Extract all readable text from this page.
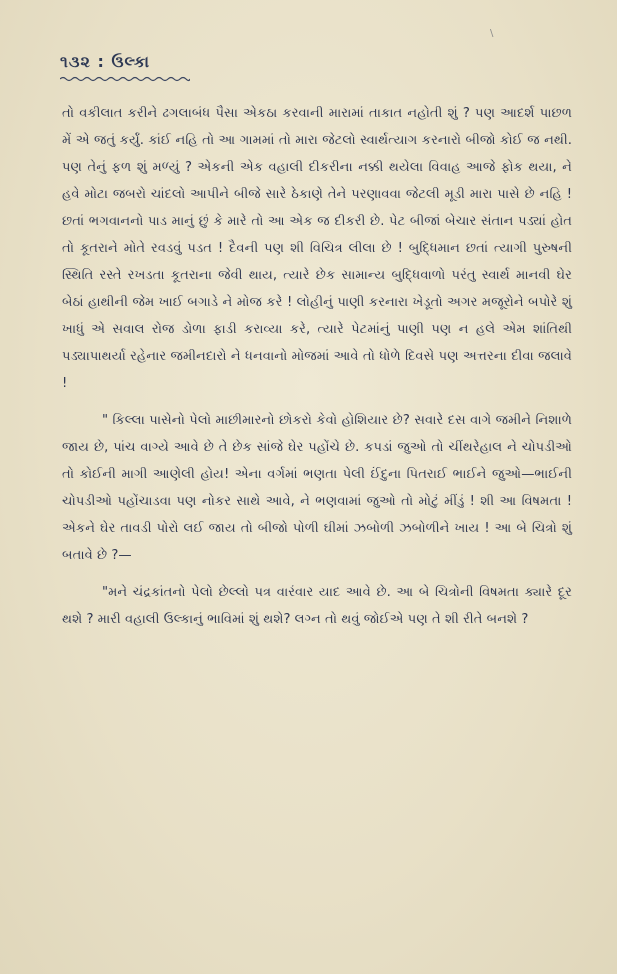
\
૧૩૨ : ઉલ્કા

તો વકીલાત કરીને ઢગલાબંધ પૈસા એકઠા કરવાની મારામાં તાકાત નહોતી શું ? પણ આદર્શ પાછળ મેં એ જતું કર્યું. કાંઈ નહિ તો આ ગામમાં તો મારા જેટલો સ્વાર્થત્યાગ કરનારો બીજો કોઈ જ નથી. પણ તેનું ફળ શું મળ્યું ? એકની એક વહાલી દીકરીના નક્કી થયેલા વિવાહ આજે ફોક થયા, ને હવે મોટા જબરો ચાંદલો આપીને બીજે સારે ઠેકાણે તેને પરણાવવા જેટલી મૂડી મારા પાસે છે નહિ ! છતાં ભગવાનનો પાડ માનું છું કે મારે તો આ એક જ દીકરી છે. પેટ બીજાં બેચાર સંતાન પડ્યાં હોત તો કૂતરાને મોતે રવડવું પડત ! દૈવની પણ શી વિચિત્ર લીલા છે ! બુદ્ધિમાન છતાં ત્યાગી પુરુષની સ્થિતિ રસ્તે રખડતા કૂતરાના જેવી થાય, ત્યારે છેક સામાન્ય બુદ્ધિવાળો પરંતુ સ્વાર્થ માનવી ઘેર બેઠાં હાથીની જેમ ખાઈ બગાડે ને મોજ કરે ! લોહીનું પાણી કરનારા ખેડૂતો અગર મજૂરોને બપોરે શું ખાધું એ સવાલ રોજ ડોળા ફાડી કરાવ્યા કરે, ત્યારે પેટમાંનું પાણી પણ ન હલે એમ શાંતિથી પડ્યાપાથર્યા રહેનાર જમીનદારો ને ધનવાનો મોજમાં આવે તો ધોળે દિવસે પણ અત્તરના દીવા જલાવે !

" કિલ્લા પાસેનો પેલો માછીમારનો છોકરો કેવો હોશિયાર છે? સવારે દસ વાગે જમીને નિશાળે જાય છે, પાંચ વાગ્યે આવે છે તે છેક સાંજે ઘેર પહોંચે છે. કપડાં જુઓ તો ચીંથરેહાલ ને ચોપડીઓ તો કોઈની માગી આણેલી હોય! એના વર્ગમાં ભણતા પેલી ઈંદુના પિતરાઈ ભાઈને જુઓ—ભાઈની ચોપડીઓ પહોંચાડવા પણ નોકર સાથે આવે, ને ભણવામાં જુઓ તો મોટું મીંડું ! શી આ વિષમતા ! એકને ઘેર તાવડી પોરો લઈ જાય તો બીજો પોળી ઘીમાં ઝબોળી ઝબોળીને ખાય ! આ બે ચિત્રો શું બતાવે છે ?—

"મને ચંદ્રકાંતનો પેલો છેલ્લો પત્ર વારંવાર યાદ આવે છે. આ બે ચિત્રોની વિષમતા ક્યારે દૂર થશે ? મારી વહાલી ઉલ્કાનું ભાવિમાં શું થશે? લગ્ન તો થવું જોઈએ પણ તે શી રીતે બનશે ?
